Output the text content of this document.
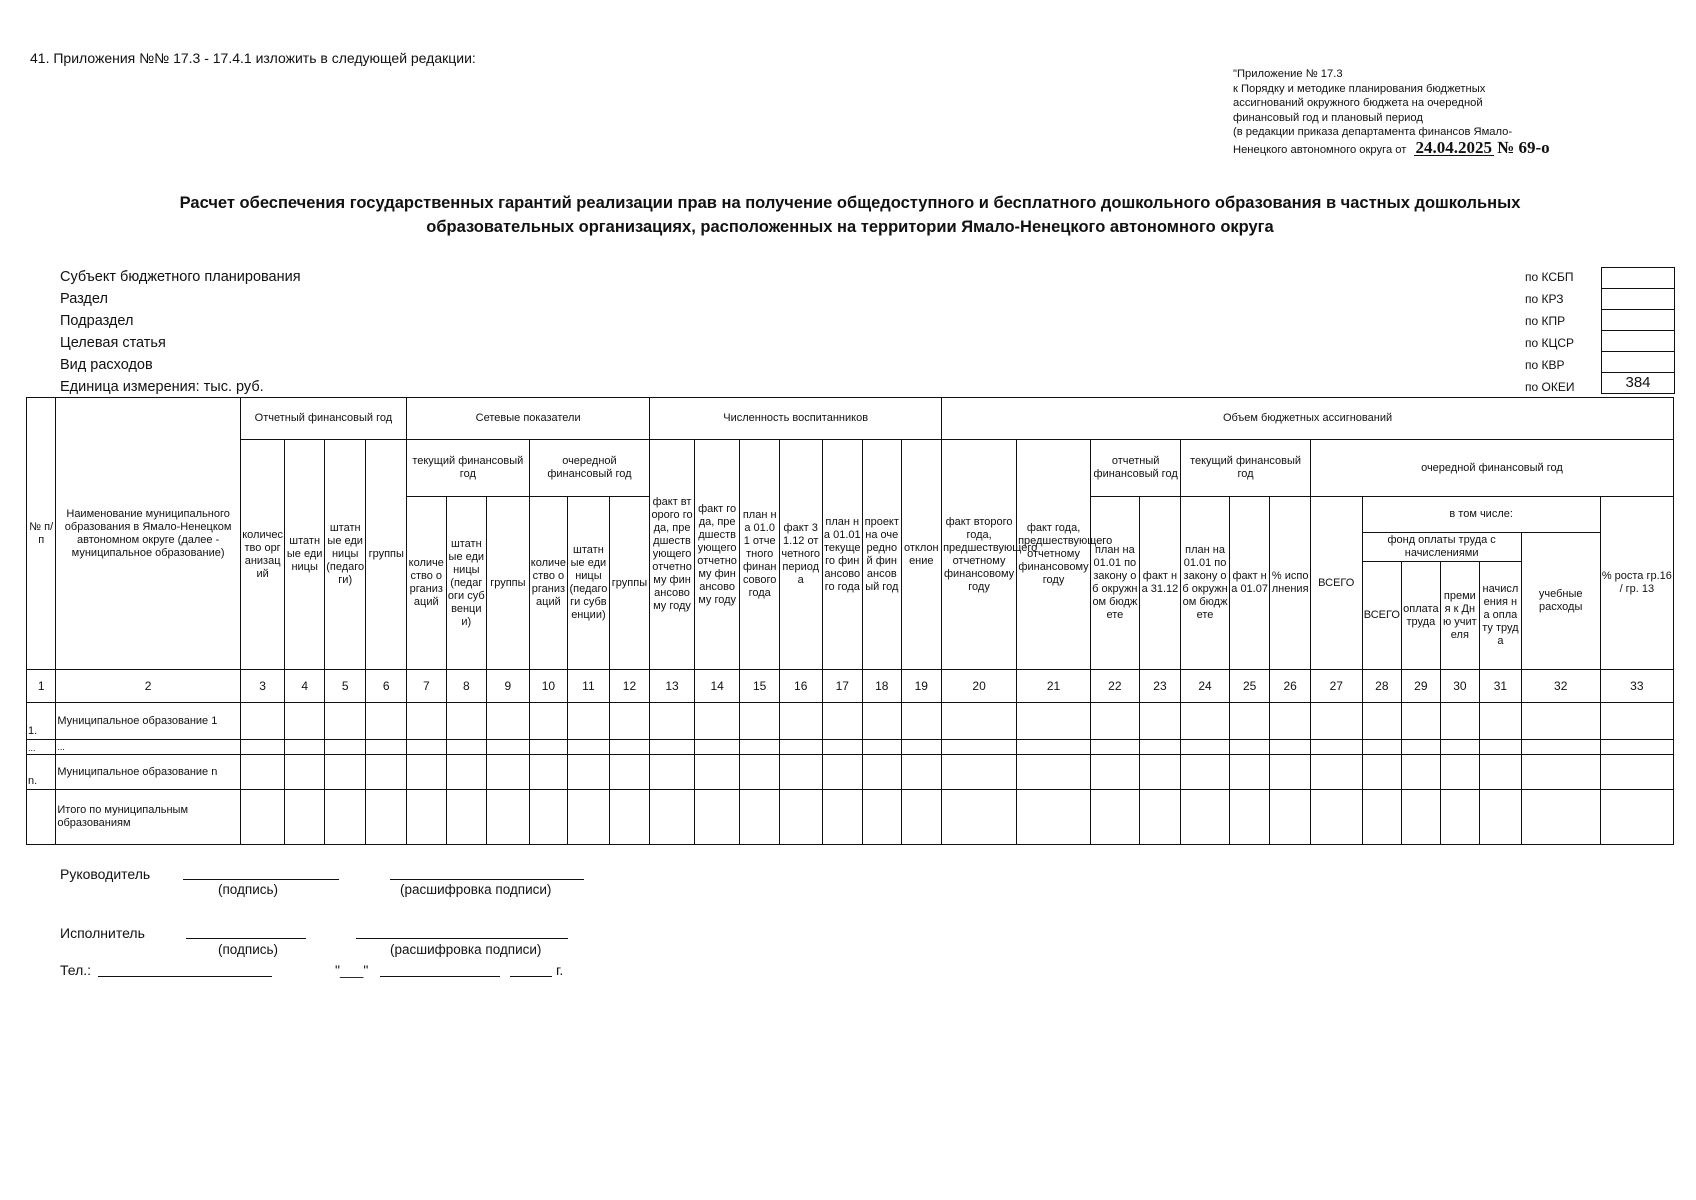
41. Приложения №№ 17.3 - 17.4.1 изложить в следующей редакции:
"Приложение № 17.3
к Порядку и методике планирования бюджетных
ассигнований окружного бюджета на очередной
финансовый год и плановый период
(в редакции приказа департамента финансов Ямало-
Ненецкого автономного округа от 24.04.2025 № 69-о
Расчет обеспечения государственных гарантий реализации прав на получение общедоступного и бесплатного дошкольного образования в частных дошкольных
образовательных организациях, расположенных на территории Ямало-Ненецкого автономного округа
Субъект бюджетного планирования
Раздел
Подраздел
Целевая статья
Вид расходов
Единица измерения: тыс. руб.
по КСБП
по КРЗ
по КПР
по КЦСР
по КВР
по ОКЕИ	384
№ п/п	Наименование муниципального образования в Ямало-Ненецком автономном округе (далее - муниципальное образование)	Отчетный финансовый год				Сетевые показатели						Численность воспитанников							Объем бюджетных ассигнований													
		количество организаций	штатные единицы	штатные единицы (педагоги)	группы	текущий финансовый год			очередной финансовый год			факт второго года, предшествующего отчетному финансовому году	факт года, предшествующего отчетному финансовому году	план на 01.01 отчетного финансового года	факт 31.12 отчетного периода	план на 01.01 текущего финансового года	проект на очередной финансовый год	отклонение	факт второго года, предшествующего отчетному финансовому году	факт года, предшествующего отчетному финансовому году	отчетный финансовый год		текущий финансовый год			очередной финансовый год						
						количество организаций	штатные единицы (педагоги субвенции)	группы	количество организаций	штатные единицы (педагоги субвенции)	группы										план на 01.01 по закону об окружном бюджете	факт на 31.12	план на 01.01 по закону об окружном бюджете	факт на 01.07	% исполнения	ВСЕГО	в том числе:					% роста гр.16 / гр. 13
																											фонд оплаты труда с начислениями				учебные расходы	
																											ВСЕГО	оплата труда	премия к Дню учителя	начисления на оплату труда		
1	2	3	4	5	6	7	8	9	10	11	12	13	14	15	16	17	18	19	20	21	22	23	24	25	26	27	28	29	30	31	32	33
1.	Муниципальное образование 1																															
...	...																															
n.	Муниципальное образование n																															
	Итого по муниципальным образованиям																															
Руководитель
(подпись)	(расшифровка подписи)
Исполнитель
(подпись)	(расшифровка подписи)
Тел.:	"___"	г.
